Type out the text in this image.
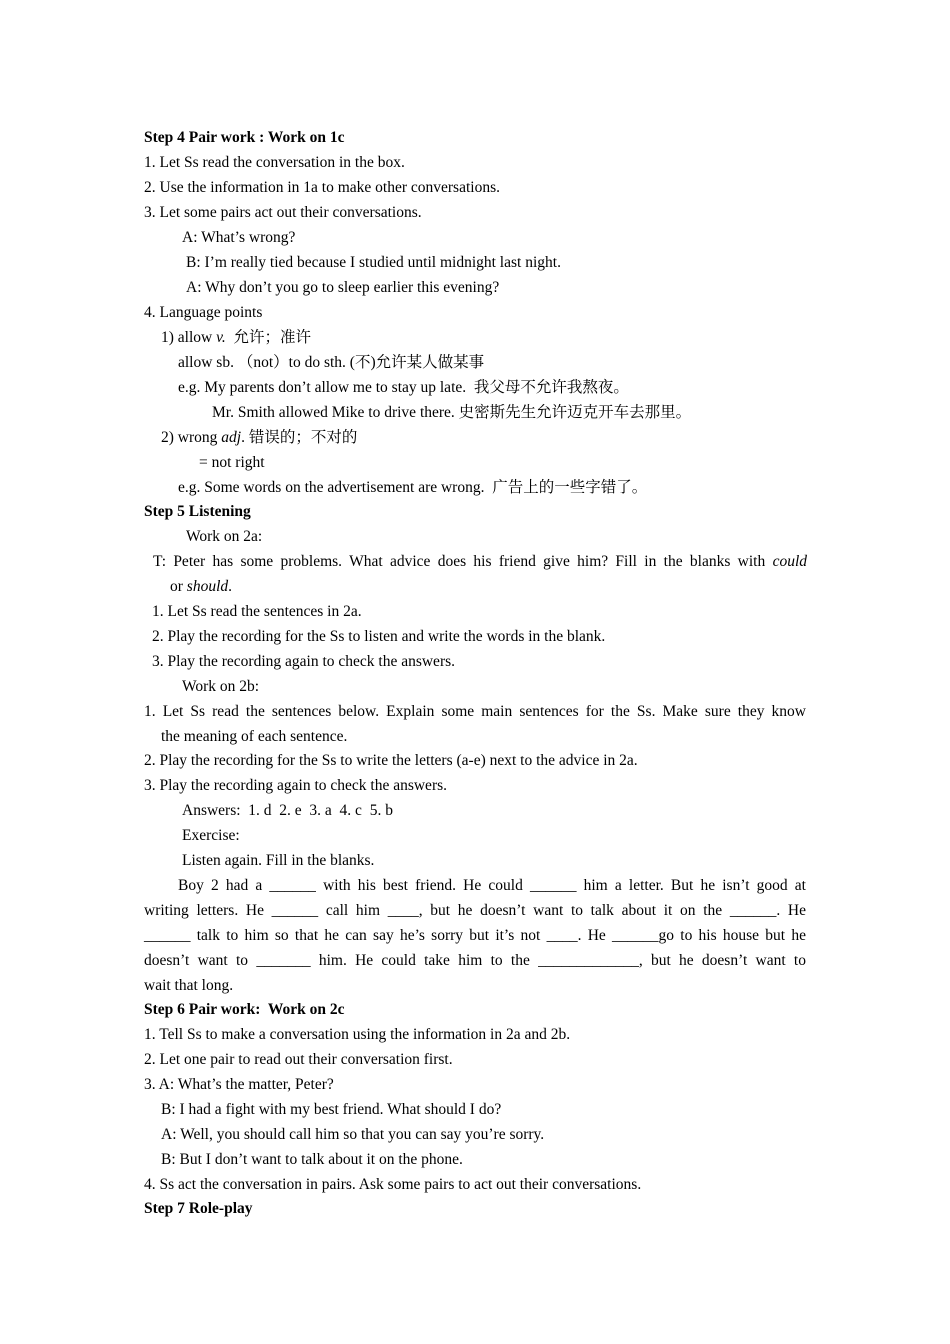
Step 4 Pair work : Work on 1c
1. Let Ss read the conversation in the box.
2. Use the information in 1a to make other conversations.
3. Let some pairs act out their conversations.
A: What’s wrong?
B: I’m really tied because I studied until midnight last night.
A: Why don’t you go to sleep earlier this evening?
4. Language points
1) allow v.  允许；准许
allow sb. （not）to do sth. (不)允许某人做某事
e.g. My parents don’t allow me to stay up late.  我父母不允许我熬夜。
Mr. Smith allowed Mike to drive there. 史密斯先生允许迈克开车去那里。
2) wrong adj. 错误的；不对的
= not right
e.g. Some words on the advertisement are wrong.  广告上的一些字错了。
Step 5 Listening
Work on 2a:
T: Peter has some problems. What advice does his friend give him? Fill in the blanks with could
or should.
1. Let Ss read the sentences in 2a.
2. Play the recording for the Ss to listen and write the words in the blank.
3. Play the recording again to check the answers.
Work on 2b:
1. Let Ss read the sentences below. Explain some main sentences for the Ss. Make sure they know
the meaning of each sentence.
2. Play the recording for the Ss to write the letters (a-e) next to the advice in 2a.
3. Play the recording again to check the answers.
Answers:  1. d  2. e  3. a  4. c  5. b
Exercise:
Listen again. Fill in the blanks.
Boy 2 had a ______ with his best friend. He could ______ him a letter. But he isn’t good at
writing letters. He ______ call him ____, but he doesn’t want to talk about it on the ______. He
______ talk to him so that he can say he’s sorry but it’s not ____. He ______go to his house but he
doesn’t want to _______ him. He could take him to the _____________, but he doesn’t want to
wait that long.
Step 6 Pair work:  Work on 2c
1. Tell Ss to make a conversation using the information in 2a and 2b.
2. Let one pair to read out their conversation first.
3. A: What’s the matter, Peter?
B: I had a fight with my best friend. What should I do?
A: Well, you should call him so that you can say you’re sorry.
B: But I don’t want to talk about it on the phone.
4. Ss act the conversation in pairs. Ask some pairs to act out their conversations.
Step 7 Role-play
